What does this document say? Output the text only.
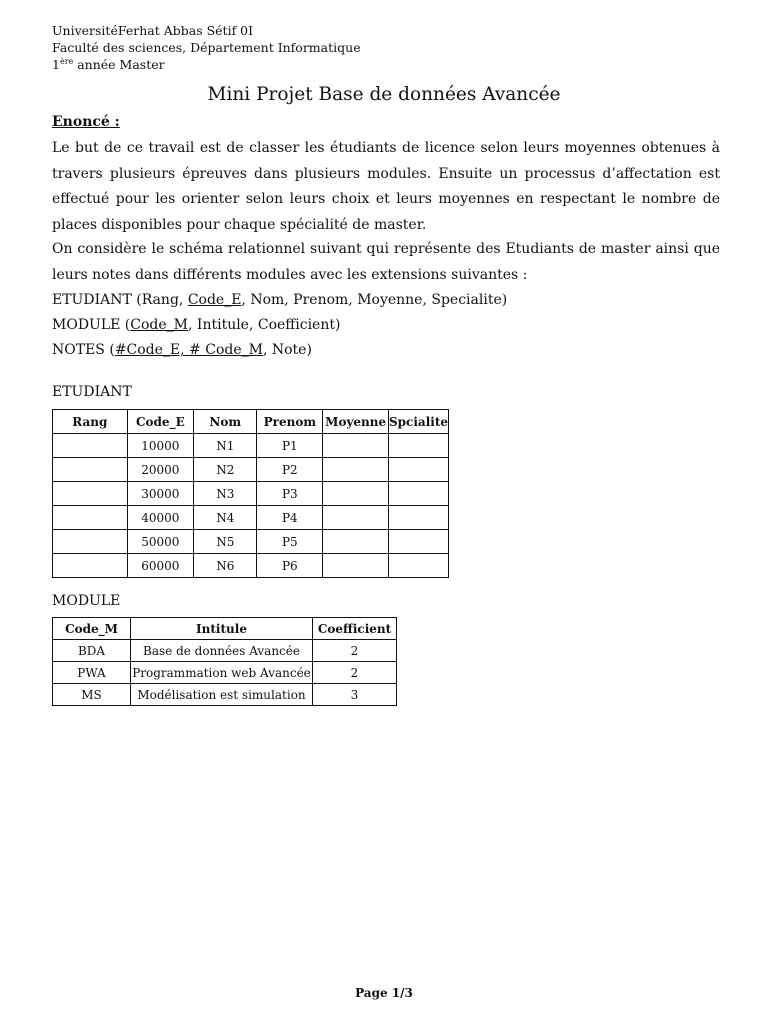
UniversitéFerhat Abbas Sétif 0I
Faculté des sciences, Département Informatique
1ère année Master
Mini Projet Base de données Avancée
Enoncé :

Le but de ce travail est de classer les étudiants de licence selon leurs moyennes obtenues à travers plusieurs épreuves dans plusieurs modules. Ensuite un processus d’affectation est effectué pour les orienter selon leurs choix et leurs moyennes en respectant le nombre de places disponibles pour chaque spécialité de master.

On considère le schéma relationnel suivant qui représente des Etudiants de master ainsi que leurs notes dans différents modules avec les extensions suivantes :

ETUDIANT (Rang, Code_E, Nom, Prenom, Moyenne, Specialite)
MODULE (Code_M, Intitule, Coefficient)
NOTES (#Code_E, # Code_M, Note)
ETUDIANT
Rang	Code_E	Nom	Prenom	Moyenne	Spcialite
	10000	N1	P1		
	20000	N2	P2		
	30000	N3	P3		
	40000	N4	P4		
	50000	N5	P5		
	60000	N6	P6		
MODULE
Code_M	Intitule	Coefficient
BDA	Base de données Avancée	2
PWA	Programmation web Avancée	2
MS	Modélisation est simulation	3
Page 1/3
